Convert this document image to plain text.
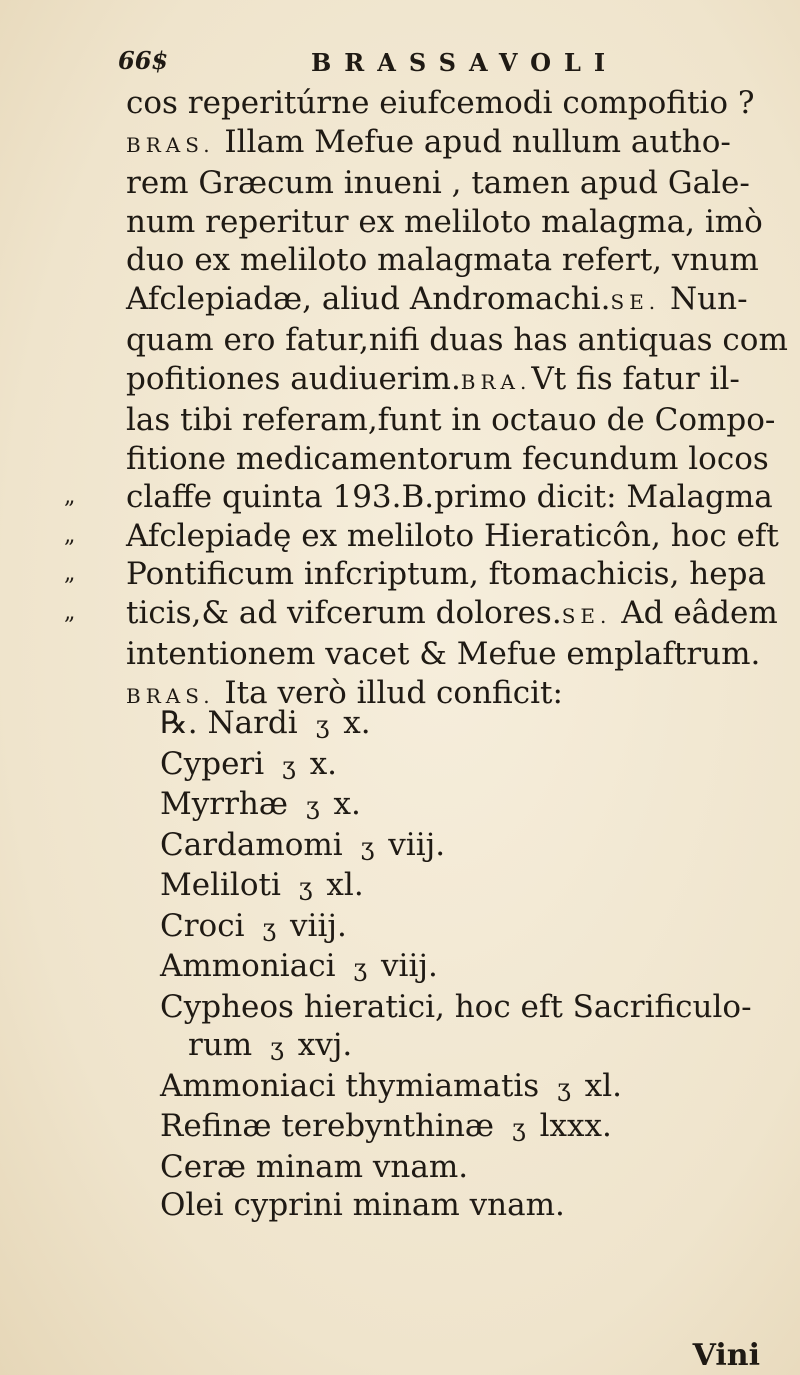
66$	BRASSAVOLI
cos reperitúrne eiufcemodi compofitio ?
BRAS. Illam Mefue apud nullum autho-
rem Græcum inueni , tamen apud Gale-
num reperitur ex meliloto malagma, imò
duo ex meliloto malagmata refert, vnum
Afclepiadæ, aliud Andromachi.SE. Nun-
quam ero fatur,nifi duas has antiquas com
pofitiones audiuerim.BRA.Vt fis fatur il-
las tibi referam,funt in octauo de Compo-
fitione medicamentorum fecundum locos
„ claffe quinta 193.B.primo dicit: Malagma
„ Afclepiadę ex meliloto Hieraticôn, hoc eft
„ Pontificum infcriptum, ftomachicis, hepa
„ ticis,& ad vifcerum dolores.SE. Ad eâdem
intentionem vacet & Mefue emplaftrum.
BRAS. Ita verò illud conficit:
℞. Nardi ʒ x.
Cyperi ʒ x.
Myrrhæ ʒ x.
Cardamomi ʒ viij.
Meliloti ʒ xl.
Croci ʒ viij.
Ammoniaci ʒ viij.
Cypheos hieratici, hoc eft Sacrificulo-
rum ʒ xvj.
Ammoniaci thymiamatis ʒ xl.
Refinæ terebynthinæ ʒ lxxx.
Ceræ minam vnam.
Olei cyprini minam vnam.
Vini
